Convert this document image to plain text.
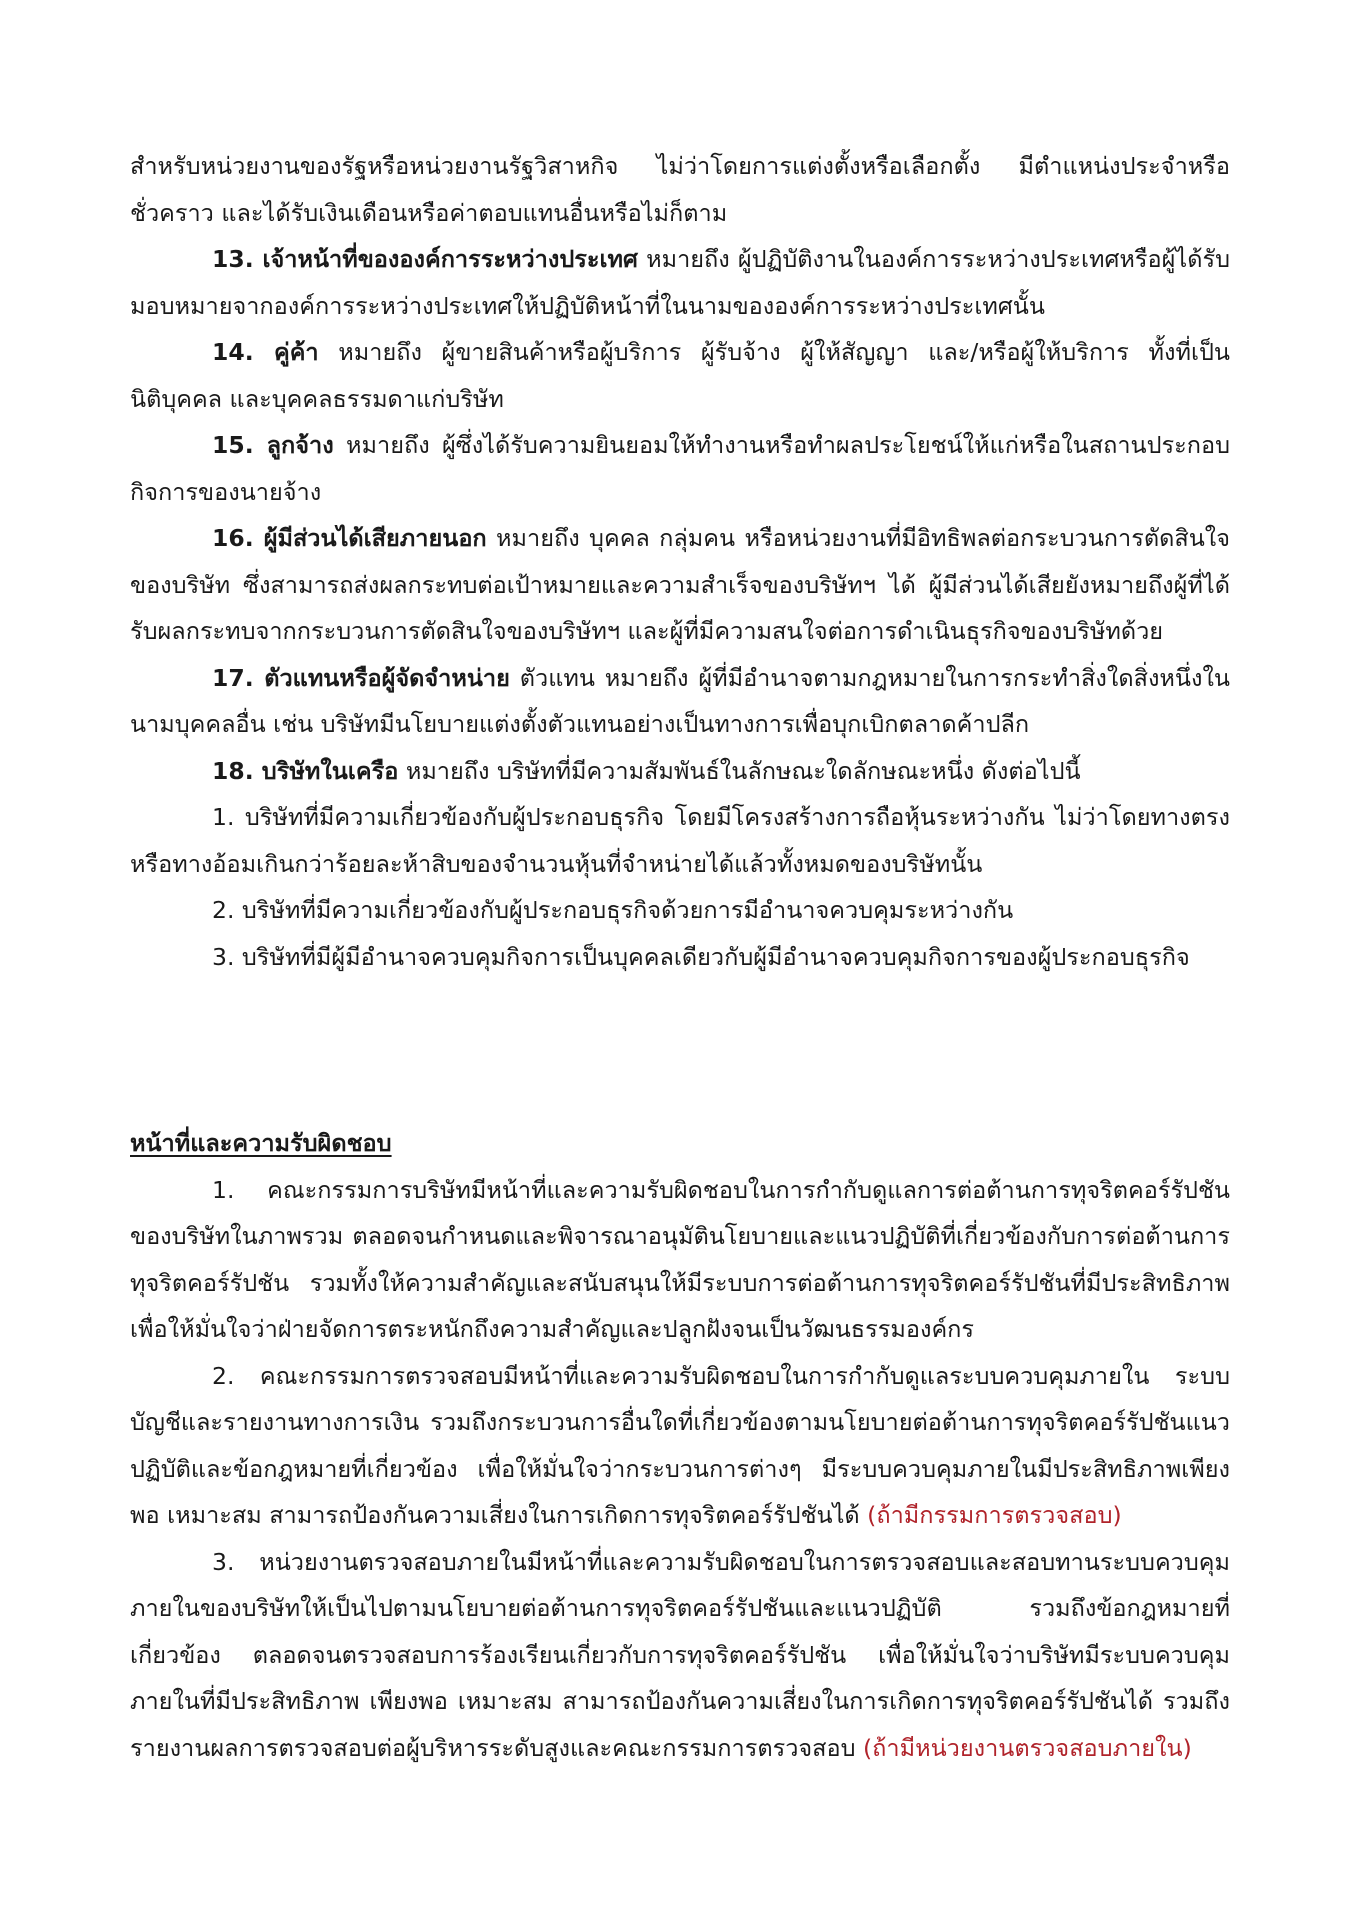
สำหรับหน่วยงานของรัฐหรือหน่วยงานรัฐวิสาหกิจ ไม่ว่าโดยการแต่งตั้งหรือเลือกตั้ง มีตำแหน่งประจำหรือชั่วคราว และได้รับเงินเดือนหรือค่าตอบแทนอื่นหรือไม่ก็ตาม

13. เจ้าหน้าที่ขององค์การระหว่างประเทศ หมายถึง ผู้ปฏิบัติงานในองค์การระหว่างประเทศหรือผู้ได้รับมอบหมายจากองค์การระหว่างประเทศให้ปฏิบัติหน้าที่ในนามขององค์การระหว่างประเทศนั้น

14. คู่ค้า หมายถึง ผู้ขายสินค้าหรือผู้บริการ ผู้รับจ้าง ผู้ให้สัญญา และ/หรือผู้ให้บริการ ทั้งที่เป็นนิติบุคคล และบุคคลธรรมดาแก่บริษัท

15. ลูกจ้าง หมายถึง ผู้ซึ่งได้รับความยินยอมให้ทำงานหรือทำผลประโยชน์ให้แก่หรือในสถานประกอบกิจการของนายจ้าง

16. ผู้มีส่วนได้เสียภายนอก หมายถึง บุคคล กลุ่มคน หรือหน่วยงานที่มีอิทธิพลต่อกระบวนการตัดสินใจของบริษัท ซึ่งสามารถส่งผลกระทบต่อเป้าหมายและความสำเร็จของบริษัทฯ ได้ ผู้มีส่วนได้เสียยังหมายถึงผู้ที่ได้รับผลกระทบจากกระบวนการตัดสินใจของบริษัทฯ และผู้ที่มีความสนใจต่อการดำเนินธุรกิจของบริษัทด้วย

17. ตัวแทนหรือผู้จัดจำหน่าย ตัวแทน หมายถึง ผู้ที่มีอำนาจตามกฎหมายในการกระทำสิ่งใดสิ่งหนึ่งในนามบุคคลอื่น เช่น บริษัทมีนโยบายแต่งตั้งตัวแทนอย่างเป็นทางการเพื่อบุกเบิกตลาดค้าปลีก

18. บริษัทในเครือ หมายถึง บริษัทที่มีความสัมพันธ์ในลักษณะใดลักษณะหนึ่ง ดังต่อไปนี้

1. บริษัทที่มีความเกี่ยวข้องกับผู้ประกอบธุรกิจ โดยมีโครงสร้างการถือหุ้นระหว่างกัน ไม่ว่าโดยทางตรงหรือทางอ้อมเกินกว่าร้อยละห้าสิบของจำนวนหุ้นที่จำหน่ายได้แล้วทั้งหมดของบริษัทนั้น

2. บริษัทที่มีความเกี่ยวข้องกับผู้ประกอบธุรกิจด้วยการมีอำนาจควบคุมระหว่างกัน

3. บริษัทที่มีผู้มีอำนาจควบคุมกิจการเป็นบุคคลเดียวกับผู้มีอำนาจควบคุมกิจการของผู้ประกอบธุรกิจ

หน้าที่และความรับผิดชอบ

1. คณะกรรมการบริษัทมีหน้าที่และความรับผิดชอบในการกำกับดูแลการต่อต้านการทุจริตคอร์รัปชันของบริษัทในภาพรวม ตลอดจนกำหนดและพิจารณาอนุมัตินโยบายและแนวปฏิบัติที่เกี่ยวข้องกับการต่อต้านการทุจริตคอร์รัปชัน รวมทั้งให้ความสำคัญและสนับสนุนให้มีระบบการต่อต้านการทุจริตคอร์รัปชันที่มีประสิทธิภาพ เพื่อให้มั่นใจว่าฝ่ายจัดการตระหนักถึงความสำคัญและปลูกฝังจนเป็นวัฒนธรรมองค์กร

2. คณะกรรมการตรวจสอบมีหน้าที่และความรับผิดชอบในการกำกับดูแลระบบควบคุมภายใน ระบบบัญชีและรายงานทางการเงิน รวมถึงกระบวนการอื่นใดที่เกี่ยวข้องตามนโยบายต่อต้านการทุจริตคอร์รัปชันแนวปฏิบัติและข้อกฎหมายที่เกี่ยวข้อง เพื่อให้มั่นใจว่ากระบวนการต่างๆ มีระบบควบคุมภายในมีประสิทธิภาพเพียงพอ เหมาะสม สามารถป้องกันความเสี่ยงในการเกิดการทุจริตคอร์รัปชันได้ (ถ้ามีกรรมการตรวจสอบ)

3. หน่วยงานตรวจสอบภายในมีหน้าที่และความรับผิดชอบในการตรวจสอบและสอบทานระบบควบคุมภายในของบริษัทให้เป็นไปตามนโยบายต่อต้านการทุจริตคอร์รัปชันและแนวปฏิบัติ รวมถึงข้อกฎหมายที่เกี่ยวข้อง ตลอดจนตรวจสอบการร้องเรียนเกี่ยวกับการทุจริตคอร์รัปชัน เพื่อให้มั่นใจว่าบริษัทมีระบบควบคุมภายในที่มีประสิทธิภาพ เพียงพอ เหมาะสม สามารถป้องกันความเสี่ยงในการเกิดการทุจริตคอร์รัปชันได้ รวมถึงรายงานผลการตรวจสอบต่อผู้บริหารระดับสูงและคณะกรรมการตรวจสอบ (ถ้ามีหน่วยงานตรวจสอบภายใน)
